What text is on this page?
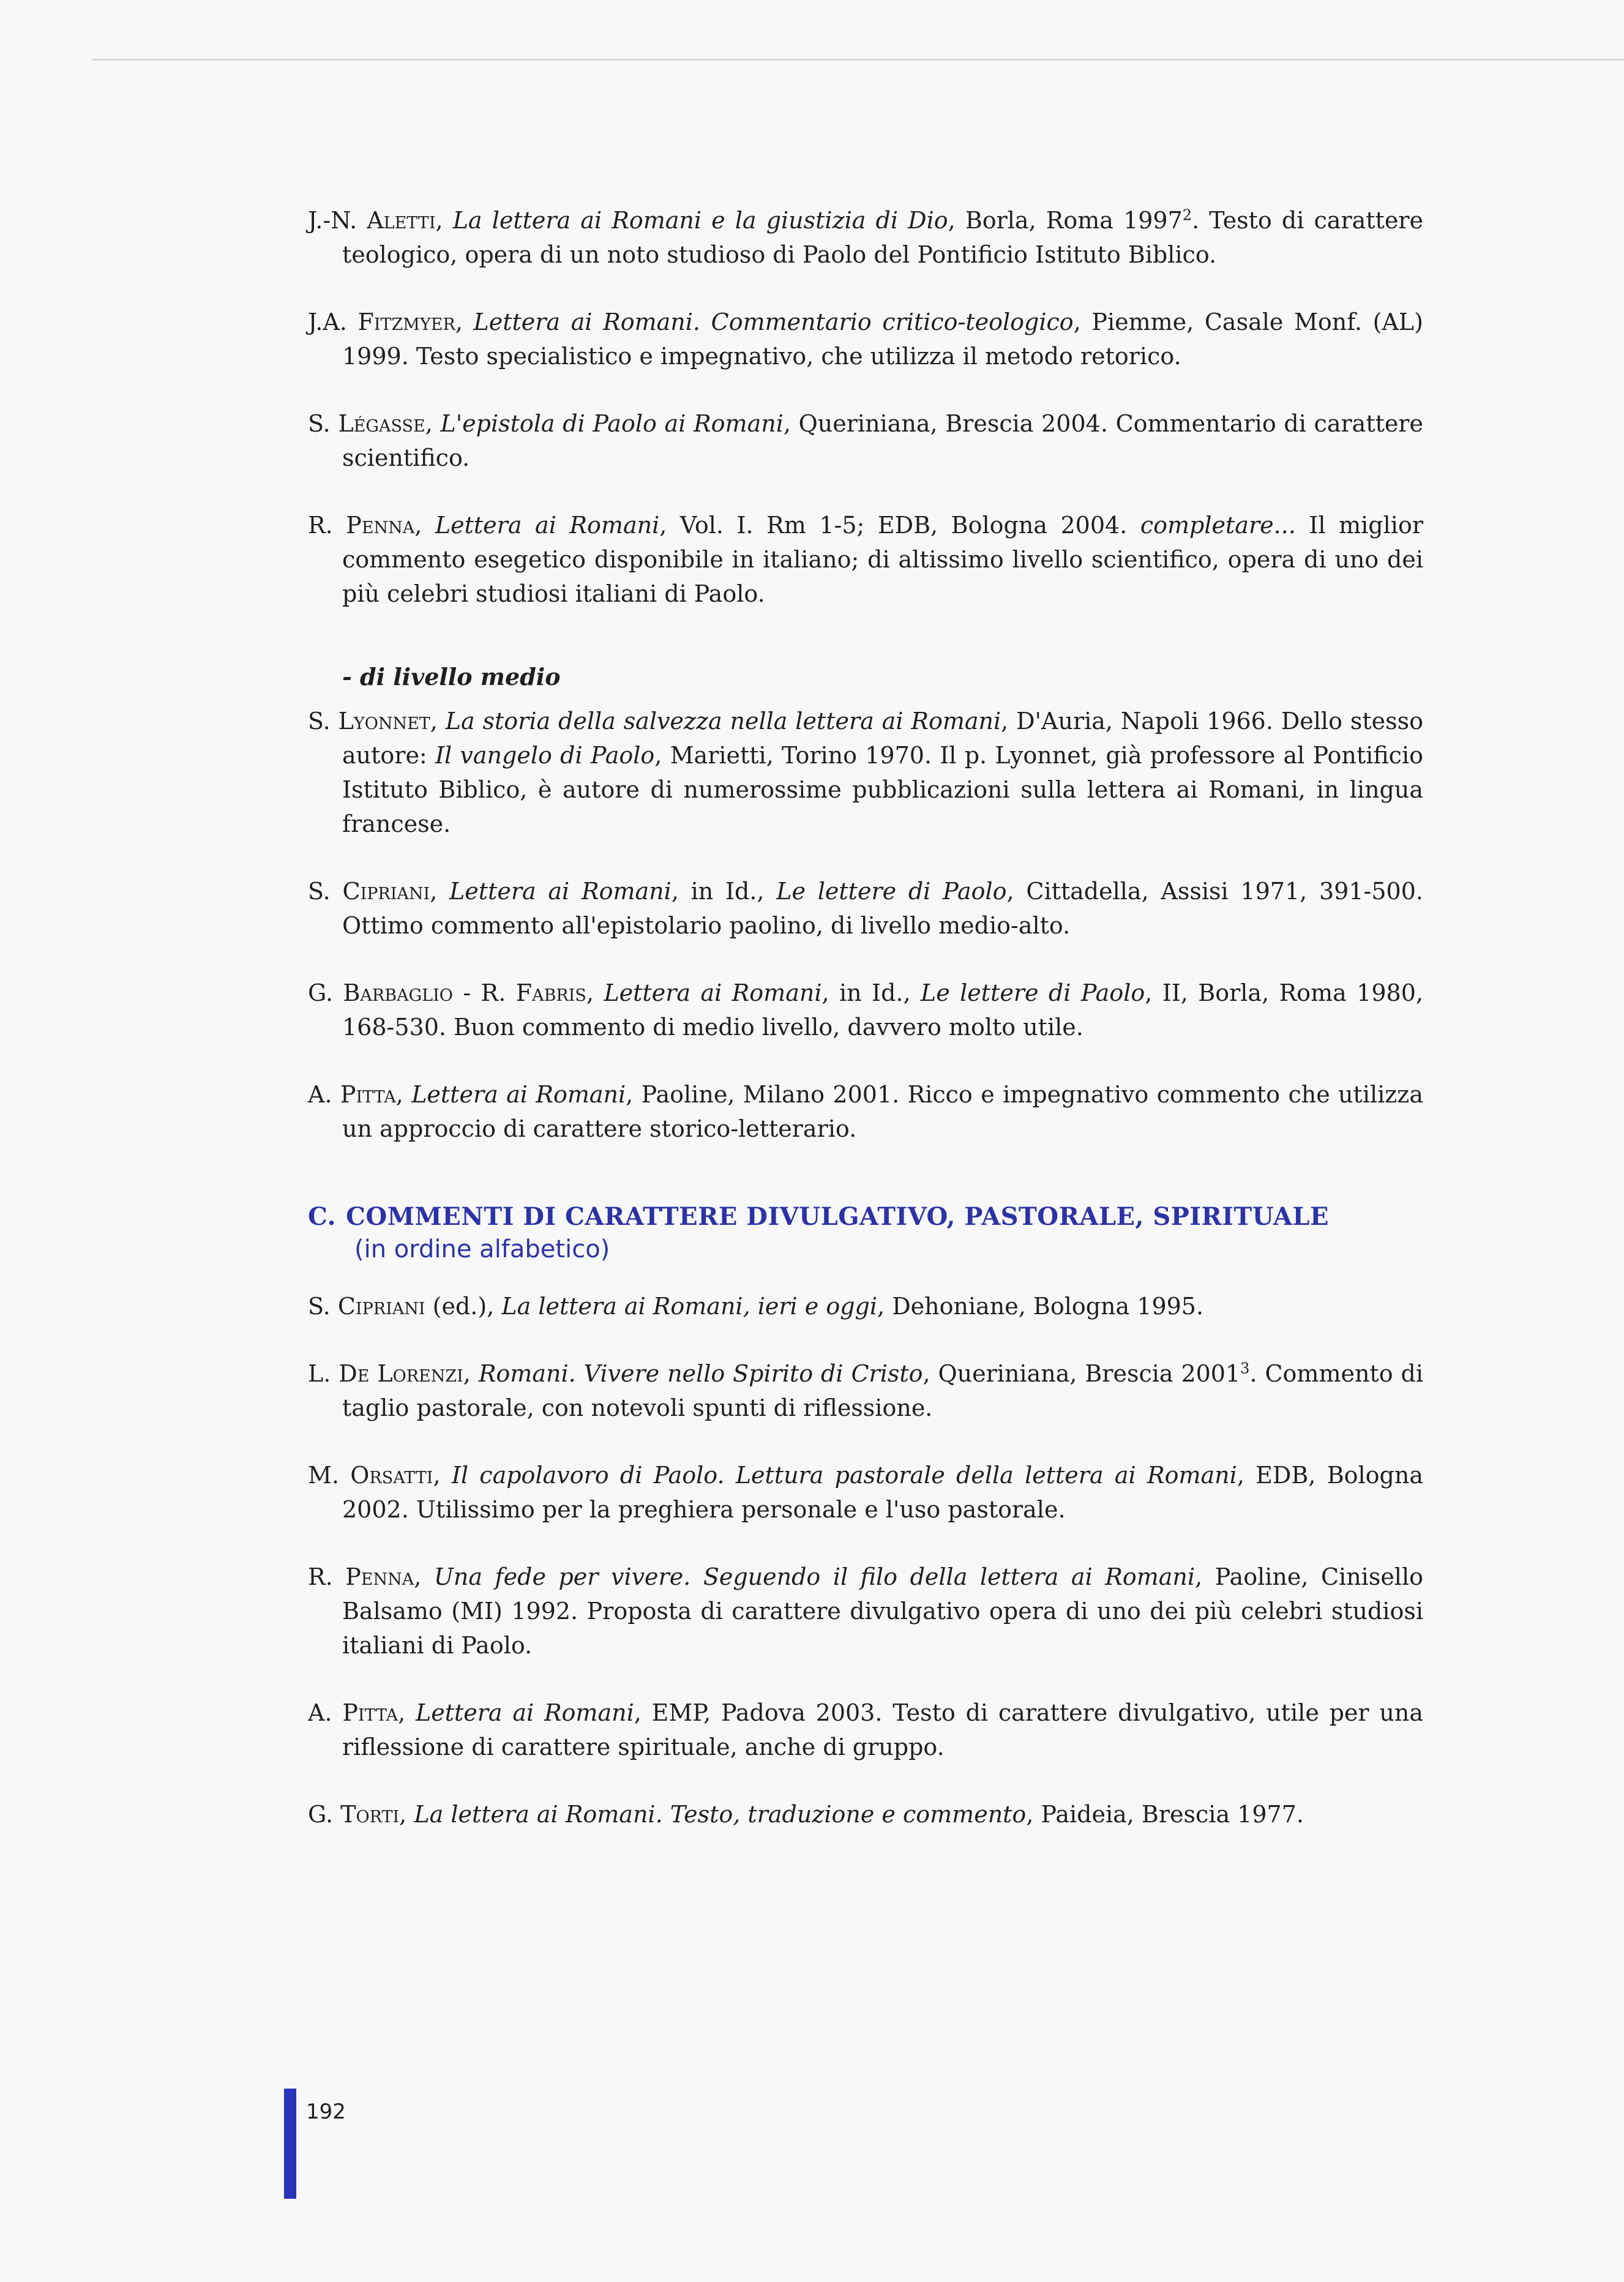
J.-N. Aletti, La lettera ai Romani e la giustizia di Dio, Borla, Roma 1997$^2$. Testo di carattere teologico, opera di un noto studioso di Paolo del Pontificio Istituto Biblico.

J.A. Fitzmyer, Lettera ai Romani. Commentario critico-teologico, Piemme, Casale Monf. (AL) 1999. Testo specialistico e impegnativo, che utilizza il metodo retorico.

S. Légasse, L'epistola di Paolo ai Romani, Queriniana, Brescia 2004. Commentario di carattere scientifico.

R. Penna, Lettera ai Romani, Vol. I. Rm 1-5; EDB, Bologna 2004. completare... Il miglior commento esegetico disponibile in italiano; di altissimo livello scientifico, opera di uno dei più celebri studiosi italiani di Paolo.

- di livello medio

S. Lyonnet, La storia della salvezza nella lettera ai Romani, D'Auria, Napoli 1966. Dello stesso autore: Il vangelo di Paolo, Marietti, Torino 1970. Il p. Lyonnet, già professore al Pontificio Istituto Biblico, è autore di numerossime pubblicazioni sulla lettera ai Romani, in lingua francese.

S. Cipriani, Lettera ai Romani, in Id., Le lettere di Paolo, Cittadella, Assisi 1971, 391-500. Ottimo commento all'epistolario paolino, di livello medio-alto.

G. Barbaglio - R. Fabris, Lettera ai Romani, in Id., Le lettere di Paolo, II, Borla, Roma 1980, 168-530. Buon commento di medio livello, davvero molto utile.

A. Pitta, Lettera ai Romani, Paoline, Milano 2001. Ricco e impegnativo commento che utilizza un approccio di carattere storico-letterario.

C. COMMENTI DI CARATTERE DIVULGATIVO, PASTORALE, SPIRITUALE
(in ordine alfabetico)

S. Cipriani (ed.), La lettera ai Romani, ieri e oggi, Dehoniane, Bologna 1995.

L. De Lorenzi, Romani. Vivere nello Spirito di Cristo, Queriniana, Brescia 2001$^3$. Commento di taglio pastorale, con notevoli spunti di riflessione.

M. Orsatti, Il capolavoro di Paolo. Lettura pastorale della lettera ai Romani, EDB, Bologna 2002. Utilissimo per la preghiera personale e l'uso pastorale.

R. Penna, Una fede per vivere. Seguendo il filo della lettera ai Romani, Paoline, Cinisello Balsamo (MI) 1992. Proposta di carattere divulgativo opera di uno dei più celebri studiosi italiani di Paolo.

A. Pitta, Lettera ai Romani, EMP, Padova 2003. Testo di carattere divulgativo, utile per una riflessione di carattere spirituale, anche di gruppo.

G. Torti, La lettera ai Romani. Testo, traduzione e commento, Paideia, Brescia 1977.

192
